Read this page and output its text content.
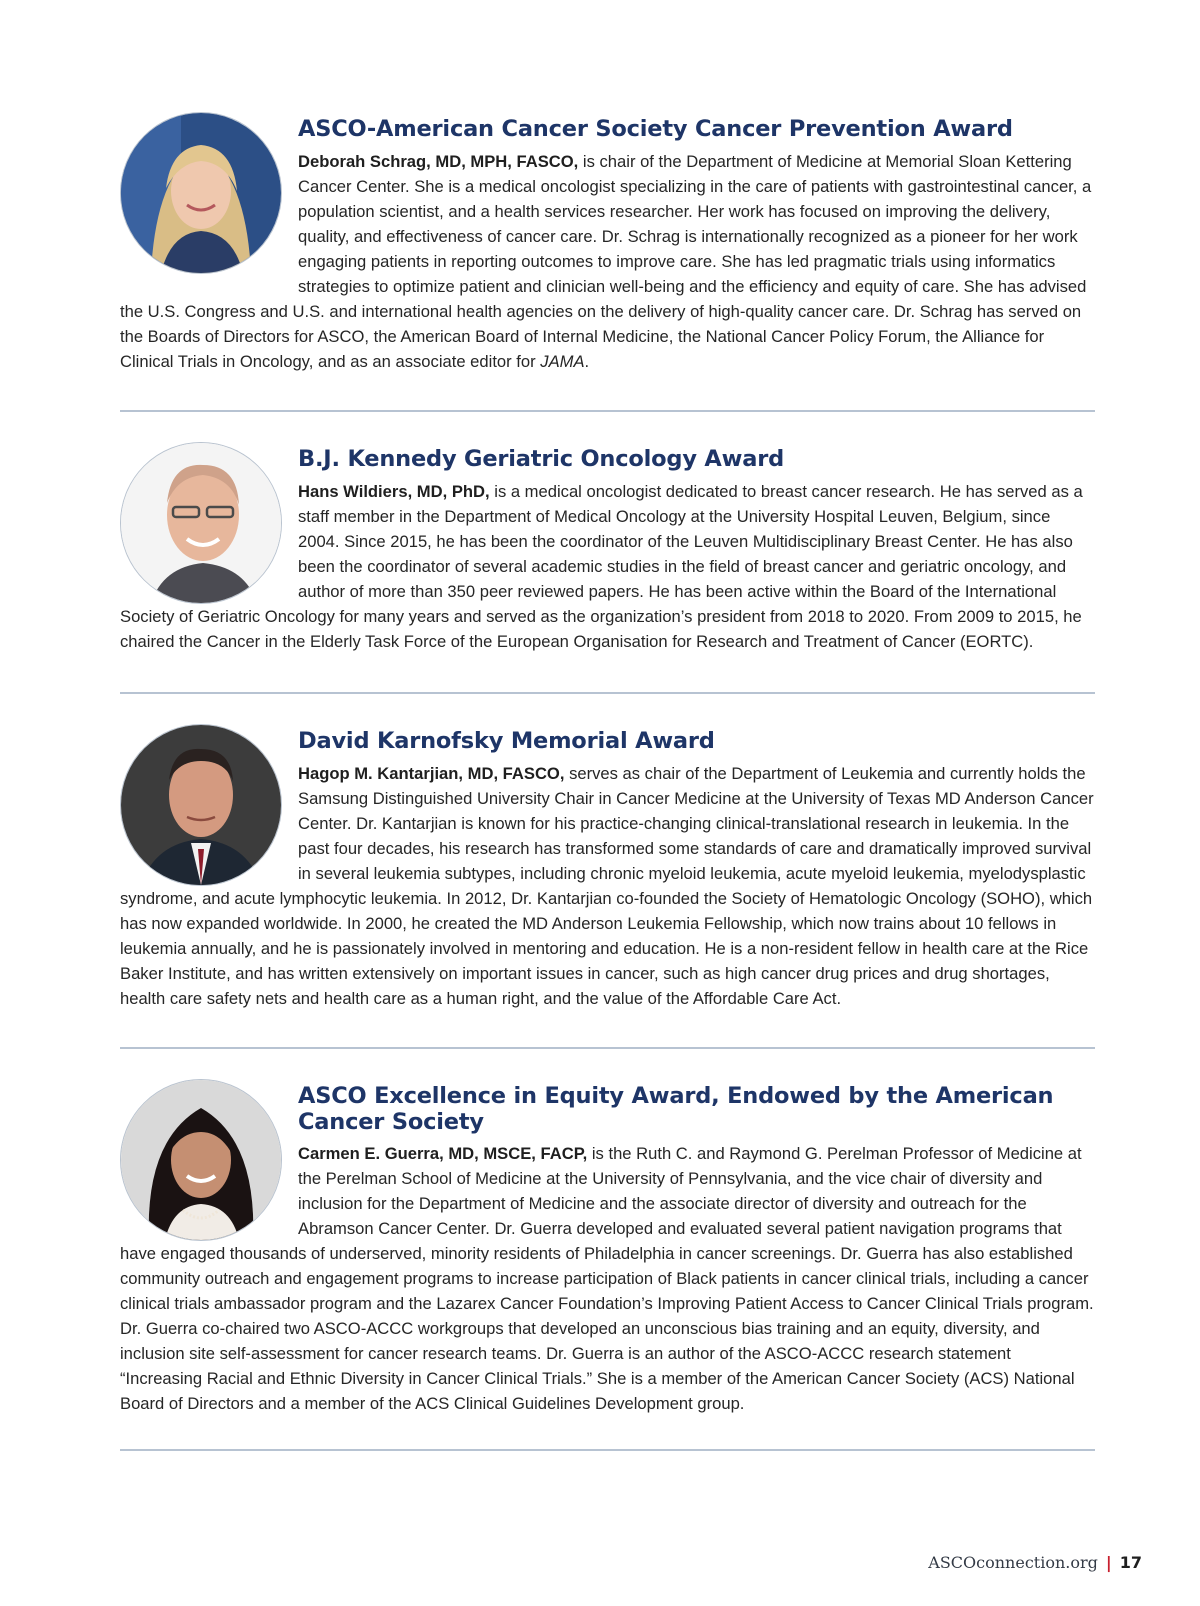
ASCO-American Cancer Society Cancer Prevention Award

Deborah Schrag, MD, MPH, FASCO, is chair of the Department of Medicine at Memorial Sloan Kettering Cancer Center. She is a medical oncologist specializing in the care of patients with gastrointestinal cancer, a population scientist, and a health services researcher. Her work has focused on improving the delivery, quality, and effectiveness of cancer care. Dr. Schrag is internationally recognized as a pioneer for her work engaging patients in reporting outcomes to improve care. She has led pragmatic trials using informatics strategies to optimize patient and clinician well-being and the efficiency and equity of care. She has advised the U.S. Congress and U.S. and international health agencies on the delivery of high-quality cancer care. Dr. Schrag has served on the Boards of Directors for ASCO, the American Board of Internal Medicine, the National Cancer Policy Forum, the Alliance for Clinical Trials in Oncology, and as an associate editor for JAMA.

B.J. Kennedy Geriatric Oncology Award

Hans Wildiers, MD, PhD, is a medical oncologist dedicated to breast cancer research. He has served as a staff member in the Department of Medical Oncology at the University Hospital Leuven, Belgium, since 2004. Since 2015, he has been the coordinator of the Leuven Multidisciplinary Breast Center. He has also been the coordinator of several academic studies in the field of breast cancer and geriatric oncology, and author of more than 350 peer reviewed papers. He has been active within the Board of the International Society of Geriatric Oncology for many years and served as the organization’s president from 2018 to 2020. From 2009 to 2015, he chaired the Cancer in the Elderly Task Force of the European Organisation for Research and Treatment of Cancer (EORTC).

David Karnofsky Memorial Award

Hagop M. Kantarjian, MD, FASCO, serves as chair of the Department of Leukemia and currently holds the Samsung Distinguished University Chair in Cancer Medicine at the University of Texas MD Anderson Cancer Center. Dr. Kantarjian is known for his practice-changing clinical-translational research in leukemia. In the past four decades, his research has transformed some standards of care and dramatically improved survival in several leukemia subtypes, including chronic myeloid leukemia, acute myeloid leukemia, myelodysplastic syndrome, and acute lymphocytic leukemia. In 2012, Dr. Kantarjian co-founded the Society of Hematologic Oncology (SOHO), which has now expanded worldwide. In 2000, he created the MD Anderson Leukemia Fellowship, which now trains about 10 fellows in leukemia annually, and he is passionately involved in mentoring and education. He is a non-resident fellow in health care at the Rice Baker Institute, and has written extensively on important issues in cancer, such as high cancer drug prices and drug shortages, health care safety nets and health care as a human right, and the value of the Affordable Care Act.

ASCO Excellence in Equity Award, Endowed by the American Cancer Society

Carmen E. Guerra, MD, MSCE, FACP, is the Ruth C. and Raymond G. Perelman Professor of Medicine at the Perelman School of Medicine at the University of Pennsylvania, and the vice chair of diversity and inclusion for the Department of Medicine and the associate director of diversity and outreach for the Abramson Cancer Center. Dr. Guerra developed and evaluated several patient navigation programs that have engaged thousands of underserved, minority residents of Philadelphia in cancer screenings. Dr. Guerra has also established community outreach and engagement programs to increase participation of Black patients in cancer clinical trials, including a cancer clinical trials ambassador program and the Lazarex Cancer Foundation’s Improving Patient Access to Cancer Clinical Trials program. Dr. Guerra co-chaired two ASCO-ACCC workgroups that developed an unconscious bias training and an equity, diversity, and inclusion site self-assessment for cancer research teams. Dr. Guerra is an author of the ASCO-ACCC research statement “Increasing Racial and Ethnic Diversity in Cancer Clinical Trials.” She is a member of the American Cancer Society (ACS) National Board of Directors and a member of the ACS Clinical Guidelines Development group.

ASCOconnection.org | 17
